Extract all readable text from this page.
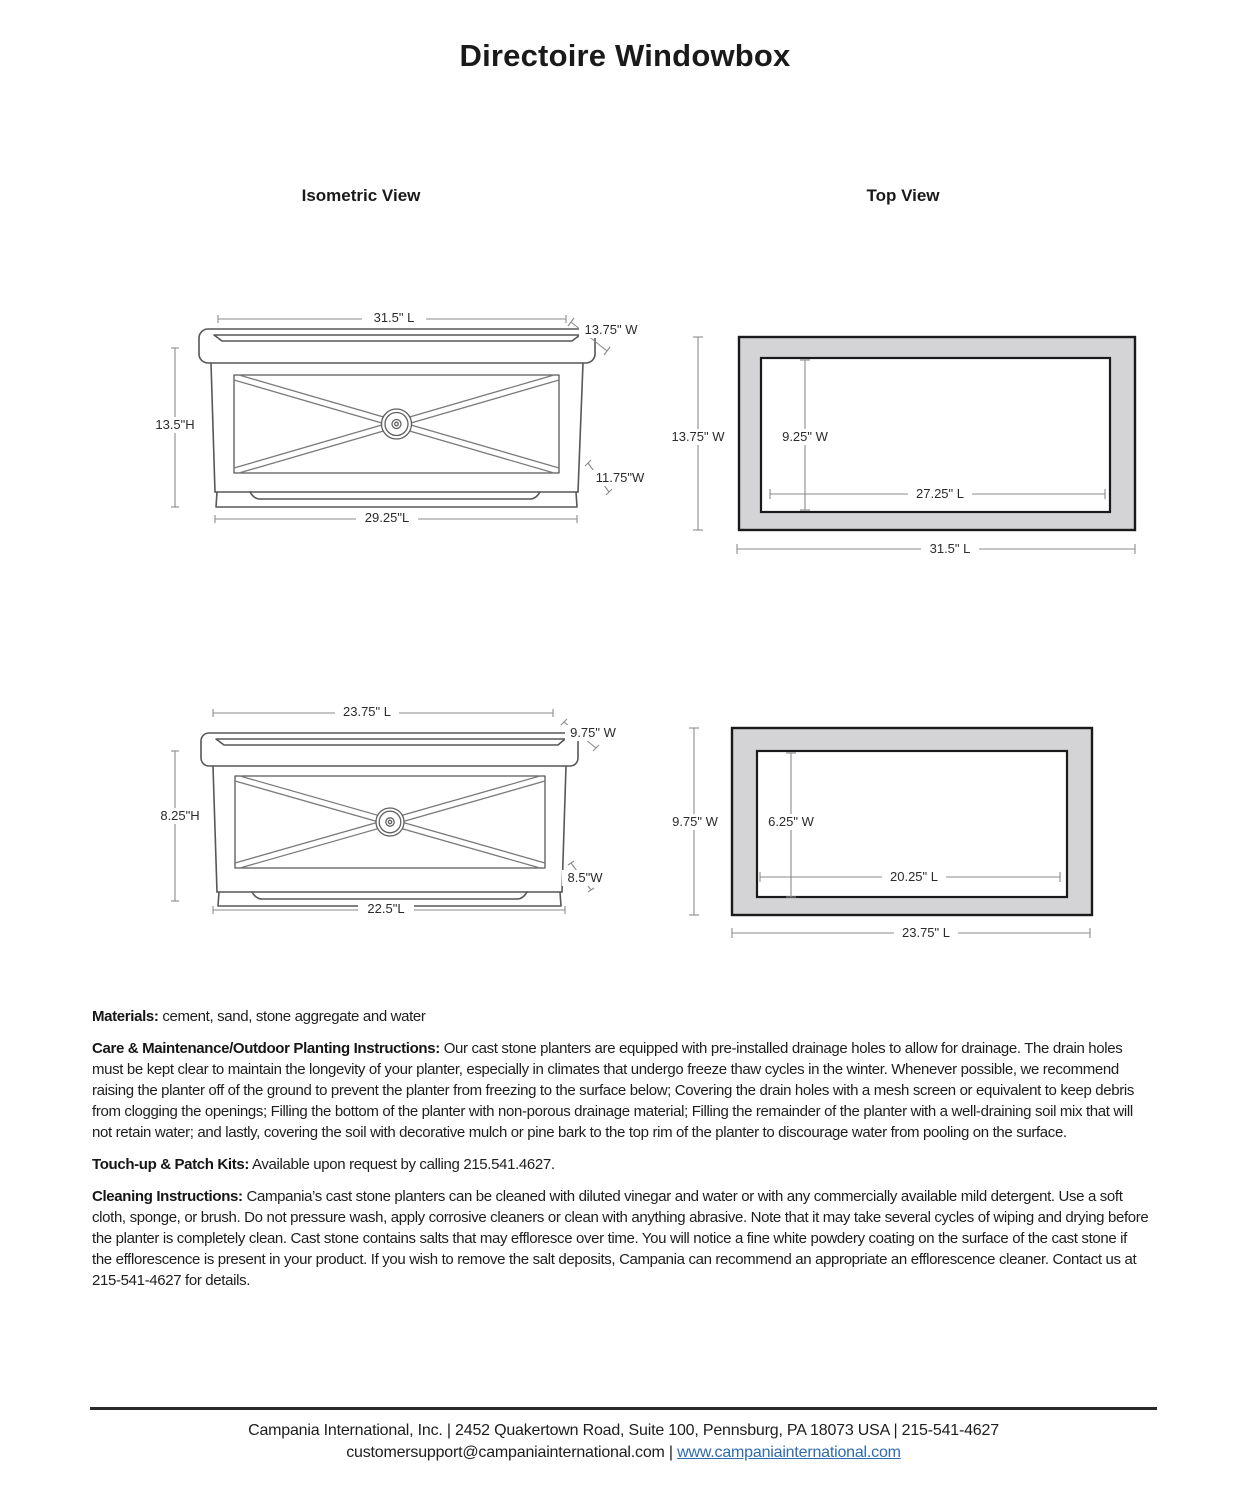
Directoire Windowbox
Isometric View	Top View
31.5" L
13.75" W
13.5"H
11.75"W
29.25"L
13.75" W	9.25" W
27.25" L
31.5" L
23.75" L
9.75" W
8.25"H
8.5"W
22.5"L
9.75" W	6.25" W
20.25" L
23.75" L

Materials: cement, sand, stone aggregate and water

Care & Maintenance/Outdoor Planting Instructions: Our cast stone planters are equipped with pre-installed drainage holes to allow for drainage. The drain holes must be kept clear to maintain the longevity of your planter, especially in climates that undergo freeze thaw cycles in the winter. Whenever possible, we recommend raising the planter off of the ground to prevent the planter from freezing to the surface below; Covering the drain holes with a mesh screen or equivalent to keep debris from clogging the openings; Filling the bottom of the planter with non-porous drainage material; Filling the remainder of the planter with a well-draining soil mix that will not retain water; and lastly, covering the soil with decorative mulch or pine bark to the top rim of the planter to discourage water from pooling on the surface.

Touch-up & Patch Kits: Available upon request by calling 215.541.4627.

Cleaning Instructions: Campania’s cast stone planters can be cleaned with diluted vinegar and water or with any commercially available mild detergent. Use a soft cloth, sponge, or brush. Do not pressure wash, apply corrosive cleaners or clean with anything abrasive. Note that it may take several cycles of wiping and drying before the planter is completely clean. Cast stone contains salts that may effloresce over time. You will notice a fine white powdery coating on the surface of the cast stone if the efflorescence is present in your product. If you wish to remove the salt deposits, Campania can recommend an appropriate an efflorescence cleaner. Contact us at 215-541-4627 for details.

Campania International, Inc. | 2452 Quakertown Road, Suite 100, Pennsburg, PA 18073 USA | 215-541-4627
customersupport@campaniainternational.com | www.campaniainternational.com
